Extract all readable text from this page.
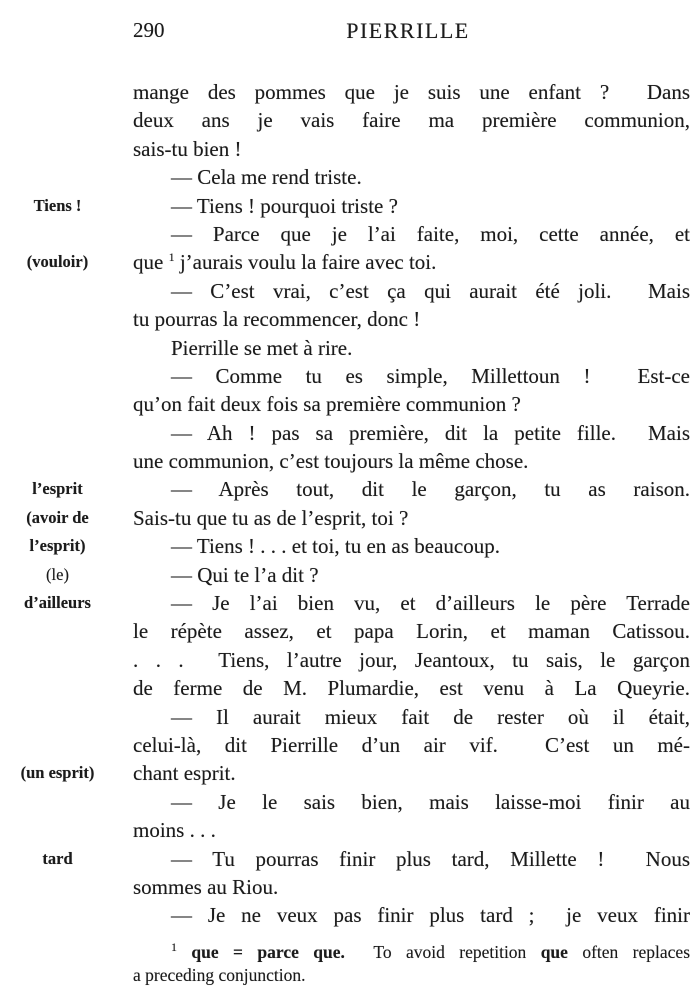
290	PIERRILLE
mange des pommes que je suis une enfant ?  Dans
deux ans je vais faire ma première communion,
sais-tu bien !
— Cela me rend triste.
Tiens !	— Tiens ! pourquoi triste ?
— Parce que je l’ai faite, moi, cette année, et
(vouloir)	que $^1$ j’aurais voulu la faire avec toi.
— C’est vrai, c’est ça qui aurait été joli.  Mais
tu pourras la recommencer, donc !
Pierrille se met à rire.
— Comme tu es simple, Millettoun !  Est-ce
qu’on fait deux fois sa première communion ?
— Ah ! pas sa première, dit la petite fille.  Mais
une communion, c’est toujours la même chose.
l’esprit	— Après tout, dit le garçon, tu as raison.
(avoir de	Sais-tu que tu as de l’esprit, toi ?
l’esprit)	— Tiens ! . . . et toi, tu en as beaucoup.
(le)	— Qui te l’a dit ?
d’ailleurs	— Je l’ai bien vu, et d’ailleurs le père Terrade
le répète assez, et papa Lorin, et maman Catissou.
. . .  Tiens, l’autre jour, Jeantoux, tu sais, le garçon
de ferme de M. Plumardie, est venu à La Queyrie.
— Il aurait mieux fait de rester où il était,
celui-là, dit Pierrille d’un air vif.  C’est un mé-
(un esprit)	chant esprit.
— Je le sais bien, mais laisse-moi finir au
moins . . .
tard	— Tu pourras finir plus tard, Millette !  Nous
sommes au Riou.
— Je ne veux pas finir plus tard ;  je veux finir
$^1$ que = parce que.  To avoid repetition que often replaces
a preceding conjunction.
